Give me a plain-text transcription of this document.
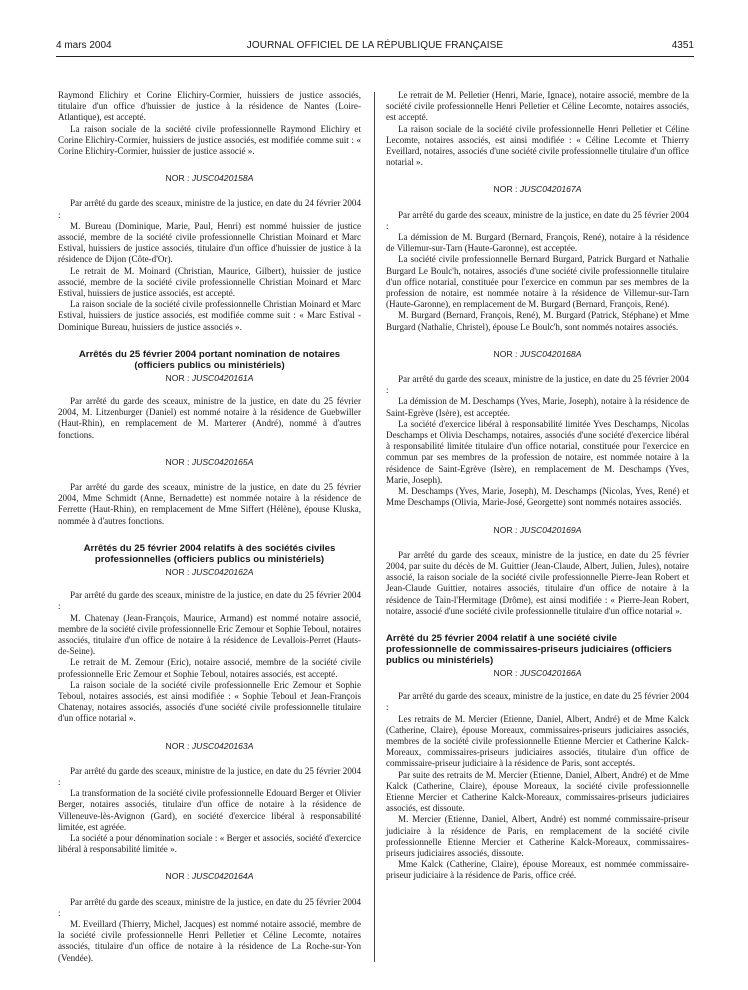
4 mars 2004	JOURNAL OFFICIEL DE LA RÉPUBLIQUE FRANÇAISE	4351

Raymond Elichiry et Corine Elichiry-Cormier, huissiers de justice associés, titulaire d'un office d'huissier de justice à la résidence de Nantes (Loire-Atlantique), est accepté.

La raison sociale de la société civile professionnelle Raymond Elichiry et Corine Elichiry-Cormier, huissiers de justice associés, est modifiée comme suit : « Corine Elichiry-Cormier, huissier de justice associé ».

NOR : JUSC0420158A

Par arrêté du garde des sceaux, ministre de la justice, en date du 24 février 2004 :

M. Bureau (Dominique, Marie, Paul, Henri) est nommé huissier de justice associé, membre de la société civile professionnelle Christian Moinard et Marc Estival, huissiers de justice associés, titulaire d'un office d'huissier de justice à la résidence de Dijon (Côte-d'Or).

Le retrait de M. Moinard (Christian, Maurice, Gilbert), huissier de justice associé, membre de la société civile professionnelle Christian Moinard et Marc Estival, huissiers de justice associés, est accepté.

La raison sociale de la société civile professionnelle Christian Moinard et Marc Estival, huissiers de justice associés, est modifiée comme suit : « Marc Estival - Dominique Bureau, huissiers de justice associés ».

Arrêtés du 25 février 2004 portant nomination de notaires (officiers publics ou ministériels)
NOR : JUSC0420161A

Par arrêté du garde des sceaux, ministre de la justice, en date du 25 février 2004, M. Litzenburger (Daniel) est nommé notaire à la résidence de Guebwiller (Haut-Rhin), en remplacement de M. Marterer (André), nommé à d'autres fonctions.

NOR : JUSC0420165A

Par arrêté du garde des sceaux, ministre de la justice, en date du 25 février 2004, Mme Schmidt (Anne, Bernadette) est nommée notaire à la résidence de Ferrette (Haut-Rhin), en remplacement de Mme Siffert (Hélène), épouse Kluska, nommée à d'autres fonctions.

Arrêtés du 25 février 2004 relatifs à des sociétés civiles professionnelles (officiers publics ou ministériels)
NOR : JUSC0420162A

Par arrêté du garde des sceaux, ministre de la justice, en date du 25 février 2004 :

M. Chatenay (Jean-François, Maurice, Armand) est nommé notaire associé, membre de la société civile professionnelle Eric Zemour et Sophie Teboul, notaires associés, titulaire d'un office de notaire à la résidence de Levallois-Perret (Hauts-de-Seine).

Le retrait de M. Zemour (Eric), notaire associé, membre de la société civile professionnelle Eric Zemour et Sophie Teboul, notaires associés, est accepté.

La raison sociale de la société civile professionnelle Eric Zemour et Sophie Teboul, notaires associés, est ainsi modifiée : « Sophie Teboul et Jean-François Chatenay, notaires associés, associés d'une société civile professionnelle titulaire d'un office notarial ».

NOR : JUSC0420163A

Par arrêté du garde des sceaux, ministre de la justice, en date du 25 février 2004 :

La transformation de la société civile professionnelle Edouard Berger et Olivier Berger, notaires associés, titulaire d'un office de notaire à la résidence de Villeneuve-lès-Avignon (Gard), en société d'exercice libéral à responsabilité limitée, est agréée.

La société a pour dénomination sociale : « Berger et associés, société d'exercice libéral à responsabilité limitée ».

NOR : JUSC0420164A

Par arrêté du garde des sceaux, ministre de la justice, en date du 25 février 2004 :

M. Eveillard (Thierry, Michel, Jacques) est nommé notaire associé, membre de la société civile professionnelle Henri Pelletier et Céline Lecomte, notaires associés, titulaire d'un office de notaire à la résidence de La Roche-sur-Yon (Vendée).

Le retrait de M. Pelletier (Henri, Marie, Ignace), notaire associé, membre de la société civile professionnelle Henri Pelletier et Céline Lecomte, notaires associés, est accepté.

La raison sociale de la société civile professionnelle Henri Pelletier et Céline Lecomte, notaires associés, est ainsi modifiée : « Céline Lecomte et Thierry Eveillard, notaires, associés d'une société civile professionnelle titulaire d'un office notarial ».

NOR : JUSC0420167A

Par arrêté du garde des sceaux, ministre de la justice, en date du 25 février 2004 :

La démission de M. Burgard (Bernard, François, René), notaire à la résidence de Villemur-sur-Tarn (Haute-Garonne), est acceptée.

La société civile professionnelle Bernard Burgard, Patrick Burgard et Nathalie Burgard Le Boulc'h, notaires, associés d'une société civile professionnelle titulaire d'un office notarial, constituée pour l'exercice en commun par ses membres de la profession de notaire, est nommée notaire à la résidence de Villemur-sur-Tarn (Haute-Garonne), en remplacement de M. Burgard (Bernard, François, René).

M. Burgard (Bernard, François, René), M. Burgard (Patrick, Stéphane) et Mme Burgard (Nathalie, Christel), épouse Le Boulc'h, sont nommés notaires associés.

NOR : JUSC0420168A

Par arrêté du garde des sceaux, ministre de la justice, en date du 25 février 2004 :

La démission de M. Deschamps (Yves, Marie, Joseph), notaire à la résidence de Saint-Egrève (Isère), est acceptée.

La société d'exercice libéral à responsabilité limitée Yves Deschamps, Nicolas Deschamps et Olivia Deschamps, notaires, associés d'une société d'exercice libéral à responsabilité limitée titulaire d'un office notarial, constituée pour l'exercice en commun par ses membres de la profession de notaire, est nommée notaire à la résidence de Saint-Egrève (Isère), en remplacement de M. Deschamps (Yves, Marie, Joseph).

M. Deschamps (Yves, Marie, Joseph), M. Deschamps (Nicolas, Yves, René) et Mme Deschamps (Olivia, Marie-José, Georgette) sont nommés notaires associés.

NOR : JUSC0420169A

Par arrêté du garde des sceaux, ministre de la justice, en date du 25 février 2004, par suite du décès de M. Guittier (Jean-Claude, Albert, Julien, Jules), notaire associé, la raison sociale de la société civile professionnelle Pierre-Jean Robert et Jean-Claude Guittier, notaires associés, titulaire d'un office de notaire à la résidence de Tain-l'Hermitage (Drôme), est ainsi modifiée : « Pierre-Jean Robert, notaire, associé d'une société civile professionnelle titulaire d'un office notarial ».

Arrêté du 25 février 2004 relatif à une société civile professionnelle de commissaires-priseurs judiciaires (officiers publics ou ministériels)
NOR : JUSC0420166A

Par arrêté du garde des sceaux, ministre de la justice, en date du 25 février 2004 :

Les retraits de M. Mercier (Etienne, Daniel, Albert, André) et de Mme Kalck (Catherine, Claire), épouse Moreaux, commissaires-priseurs judiciaires associés, membres de la société civile professionnelle Etienne Mercier et Catherine Kalck-Moreaux, commissaires-priseurs judiciaires associés, titulaire d'un office de commissaire-priseur judiciaire à la résidence de Paris, sont acceptés.

Par suite des retraits de M. Mercier (Etienne, Daniel, Albert, André) et de Mme Kalck (Catherine, Claire), épouse Moreaux, la société civile professionnelle Etienne Mercier et Catherine Kalck-Moreaux, commissaires-priseurs judiciaires associés, est dissoute.

M. Mercier (Etienne, Daniel, Albert, André) est nommé commissaire-priseur judiciaire à la résidence de Paris, en remplacement de la société civile professionnelle Etienne Mercier et Catherine Kalck-Moreaux, commissaires-priseurs judiciaires associés, dissoute.

Mme Kalck (Catherine, Claire), épouse Moreaux, est nommée commissaire-priseur judiciaire à la résidence de Paris, office créé.
